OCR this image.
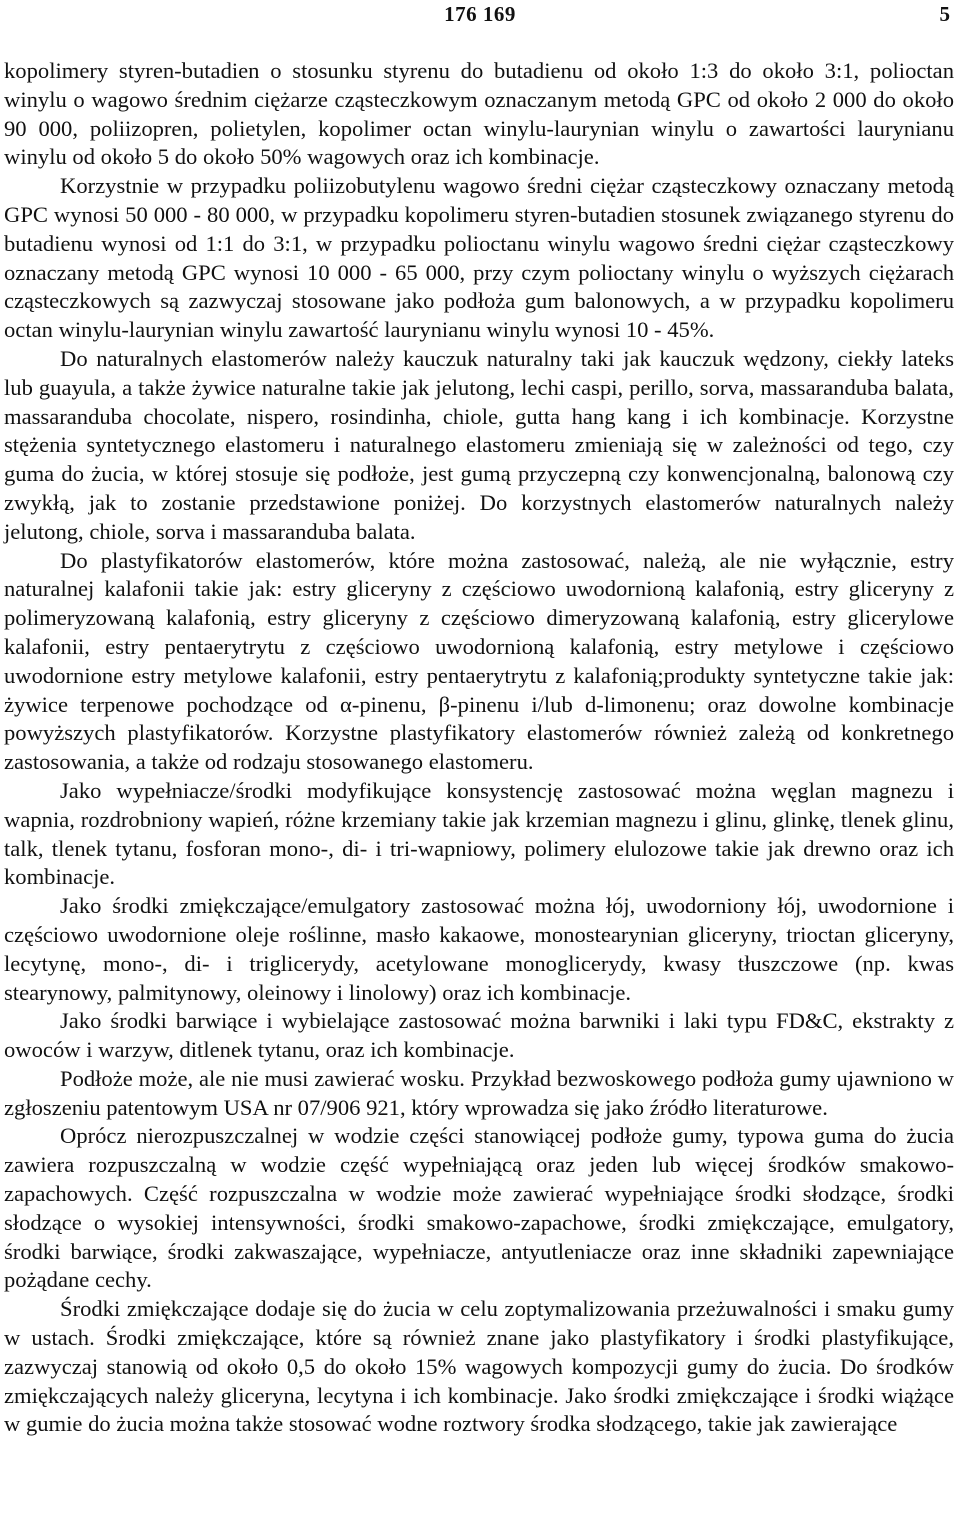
176 169	5

kopolimery styren-butadien o stosunku styrenu do butadienu od około 1:3 do około 3:1, polioctan winylu o wagowo średnim ciężarze cząsteczkowym oznaczanym metodą GPC od około 2 000 do około 90 000, poliizopren, polietylen, kopolimer octan winylu-laurynian winylu o zawartości laurynianu winylu od około 5 do około 50% wagowych oraz ich kombinacje.

Korzystnie w przypadku poliizobutylenu wagowo średni ciężar cząsteczkowy oznaczany metodą GPC wynosi 50 000 - 80 000, w przypadku kopolimeru styren-butadien stosunek związanego styrenu do butadienu wynosi od 1:1 do 3:1, w przypadku polioctanu winylu wagowo średni ciężar cząsteczkowy oznaczany metodą GPC wynosi 10 000 - 65 000, przy czym polioctany winylu o wyższych ciężarach cząsteczkowych są zazwyczaj stosowane jako podłoża gum balonowych, a w przypadku kopolimeru octan winylu-laurynian winylu zawartość laurynianu winylu wynosi 10 - 45%.

Do naturalnych elastomerów należy kauczuk naturalny taki jak kauczuk wędzony, ciekły lateks lub guayula, a także żywice naturalne takie jak jelutong, lechi caspi, perillo, sorva, massaranduba balata, massaranduba chocolate, nispero, rosindinha, chiole, gutta hang kang i ich kombinacje. Korzystne stężenia syntetycznego elastomeru i naturalnego elastomeru zmieniają się w zależności od tego, czy guma do żucia, w której stosuje się podłoże, jest gumą przyczepną czy konwencjonalną, balonową czy zwykłą, jak to zostanie przedstawione poniżej. Do korzystnych elastomerów naturalnych należy jelutong, chiole, sorva i massaranduba balata.

Do plastyfikatorów elastomerów, które można zastosować, należą, ale nie wyłącznie, estry naturalnej kalafonii takie jak: estry gliceryny z częściowo uwodornioną kalafonią, estry gliceryny z polimeryzowaną kalafonią, estry gliceryny z częściowo dimeryzowaną kalafonią, estry glicerylowe kalafonii, estry pentaerytrytu z częściowo uwodornioną kalafonią, estry metylowe i częściowo uwodornione estry metylowe kalafonii, estry pentaerytrytu z kalafonią;produkty syntetyczne takie jak: żywice terpenowe pochodzące od α-pinenu, β-pinenu i/lub d-limonenu; oraz dowolne kombinacje powyższych plastyfikatorów. Korzystne plastyfikatory elastomerów również zależą od konkretnego zastosowania, a także od rodzaju stosowanego elastomeru.

Jako wypełniacze/środki modyfikujące konsystencję zastosować można węglan magnezu i wapnia, rozdrobniony wapień, różne krzemiany takie jak krzemian magnezu i glinu, glinkę, tlenek glinu, talk, tlenek tytanu, fosforan mono-, di- i tri-wapniowy, polimery elulozowe takie jak drewno oraz ich kombinacje.

Jako środki zmiękczające/emulgatory zastosować można łój, uwodorniony łój, uwodornione i częściowo uwodornione oleje roślinne, masło kakaowe, monostearynian gliceryny, trioctan gliceryny, lecytynę, mono-, di- i triglicerydy, acetylowane monoglicerydy, kwasy tłuszczowe (np. kwas stearynowy, palmitynowy, oleinowy i linolowy) oraz ich kombinacje.

Jako środki barwiące i wybielające zastosować można barwniki i laki typu FD&C, ekstrakty z owoców i warzyw, ditlenek tytanu, oraz ich kombinacje.

Podłoże może, ale nie musi zawierać wosku. Przykład bezwoskowego podłoża gumy ujawniono w zgłoszeniu patentowym USA nr 07/906 921, który wprowadza się jako źródło literaturowe.

Oprócz nierozpuszczalnej w wodzie części stanowiącej podłoże gumy, typowa guma do żucia zawiera rozpuszczalną w wodzie część wypełniającą oraz jeden lub więcej środków smakowo-zapachowych. Część rozpuszczalna w wodzie może zawierać wypełniające środki słodzące, środki słodzące o wysokiej intensywności, środki smakowo-zapachowe, środki zmiękczające, emulgatory, środki barwiące, środki zakwaszające, wypełniacze, antyutleniacze oraz inne składniki zapewniające pożądane cechy.

Środki zmiękczające dodaje się do żucia w celu zoptymalizowania przeżuwalności i smaku gumy w ustach. Środki zmiękczające, które są również znane jako plastyfikatory i środki plastyfikujące, zazwyczaj stanowią od około 0,5 do około 15% wagowych kompozycji gumy do żucia. Do środków zmiękczających należy gliceryna, lecytyna i ich kombinacje. Jako środki zmiękczające i środki wiążące w gumie do żucia można także stosować wodne roztwory środka słodzącego, takie jak zawierające
